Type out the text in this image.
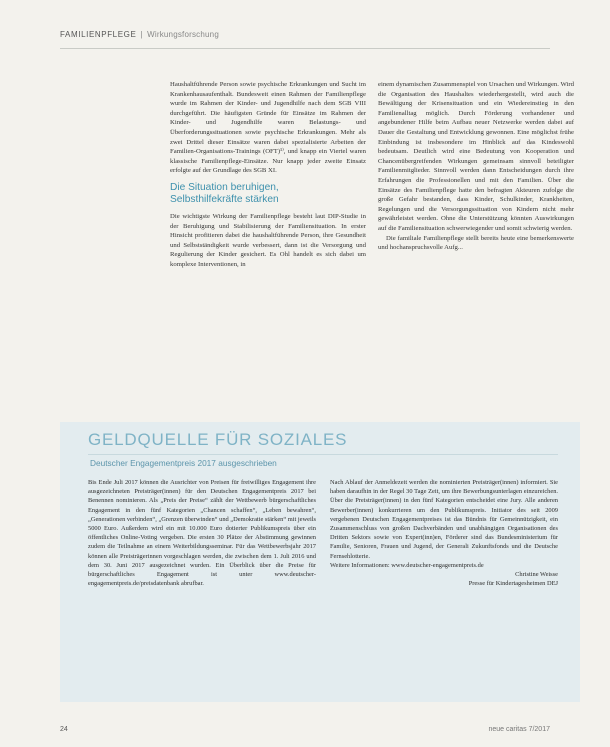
FAMILIENPFLEGE | Wirkungsforschung

Haushaltführende Person sowie psychische Erkrankungen und Sucht im Krankenhausaufenthalt. Bundesweit einen Rahmen der Familienpflege wurde im Rahmen der Kinder- und Jugendhilfe nach dem SGB VIII durchgeführt. Die häufigsten Gründe für Einsätze im Rahmen der Kinder- und Jugendhilfe waren Belastungs- und Überforderungssituationen sowie psychische Erkrankungen. Mehr als zwei Drittel dieser Einsätze waren dabei spezialisierte Arbeiten der Familien-Organisations-Trainings (OFT)¹⁾, und knapp ein Viertel waren klassische Familienpflege-Einsätze. Nur knapp jeder zweite Einsatz erfolgte auf der Grundlage des SGB XI.

Die Situation beruhigen,
Selbsthilfekräfte stärken

Die wichtigste Wirkung der Familienpflege besteht laut DIP-Studie in der Beruhigung und Stabilisierung der Familiensituation. In erster Hinsicht profitieren dabei die haushaltführende Person, ihre Gesundheit und Selbstständigkeit wurde verbessert, dann ist die Versorgung und Regulierung der Kinder gesichert. Es Ohl handelt es sich dabei um komplexe Interventionen, in

einem dynamischen Zusammenspiel von Ursachen und Wirkungen. Wird die Organisation des Haushaltes wiederhergestellt, wird auch die Bewältigung der Krisensituation und ein Wiedereinstieg in den Familienalltag möglich. Durch Förderung vorhandener und angebundener Hilfe beim Aufbau neuer Netzwerke werden dabei auf Dauer die Gestaltung und Entwicklung gewonnen. Eine möglichst frühe Einbindung ist insbesondere im Hinblick auf das Kindeswohl bedeutsam. Deutlich wird eine Bedeutung von Kooperation und Chancenübergreifenden Wirkungen gemeinsam sinnvoll beteiligter Familienmitglieder. Sinnvoll werden dann Entscheidungen durch ihre Erfahrungen die Professionellen und mit den Familien. Über die Einsätze des Familienpflege hatte den befragten Akteuren zufolge die große Gefahr bestanden, dass Kinder, Schulkinder, Krankheiten, Regelungen und die Versorgungssituation von Kindern nicht mehr gewährleistet werden. Ohne die Unterstützung könnten Auswirkungen auf die Familiensituation schwerwiegender und somit schwierig werden.

Die familiale Familienpflege stellt bereits heute eine bemerkenswerte und hochanspruchsvolle Aufg...

GELDQUELLE FÜR SOZIALES
Deutscher Engagementpreis 2017 ausgeschrieben

Bis Ende Juli 2017 können die Ausrichter von Preisen für freiwilliges Engagement ihre ausgezeichneten Preisträger(innen) für den Deutschen Engagementpreis 2017 bei Benennen nominieren. Als „Preis der Preise“ zählt der Wettbewerb bürgerschaftliches Engagement in den fünf Kategorien „Chancen schaffen“, „Leben bewahren“, „Generationen verbinden“, „Grenzen überwinden“ und „Demokratie stärken“ mit jeweils 5000 Euro. Außerdem wird ein mit 10.000 Euro dotierter Publikumspreis über ein öffentliches Online-Voting vergeben. Die ersten 30 Plätze der Abstimmung gewinnen zudem die Teilnahme an einem Weiterbildungsseminar. Für das Wettbewerbsjahr 2017 können alle Preisträgerinnen vorgeschlagen werden, die zwischen dem 1. Juli 2016 und dem 30. Juni 2017 ausgezeichnet wurden. Ein Überblick über die Preise für bürgerschaftliches Engagement ist unter www.deutscher-engagementpreis.de/preisdatenbank abrufbar.

Nach Ablauf der Anmeldezeit werden die nominierten Preisträger(innen) informiert. Sie haben daraufhin in der Regel 30 Tage Zeit, um ihre Bewerbungsunterlagen einzureichen. Über die Preisträger(innen) in den fünf Kategorien entscheidet eine Jury. Alle anderen Bewerber(innen) konkurrieren um den Publikumspreis. Initiator des seit 2009 vergebenen Deutschen Engagementpreises ist das Bündnis für Gemeinnützigkeit, ein Zusammenschluss von großen Dachverbänden und unabhängigen Organisationen des Dritten Sektors sowie von Expert(inn)en, Förderer sind das Bundesministerium für Familie, Senioren, Frauen und Jugend, der Generali Zukunftsfonds und die Deutsche Fernsehlotterie.

Weitere Informationen: www.deutscher-engagementpreis.de

Christine Weisse

Presse für Kindertagesheimen DEJ

24	neue caritas 7/2017
